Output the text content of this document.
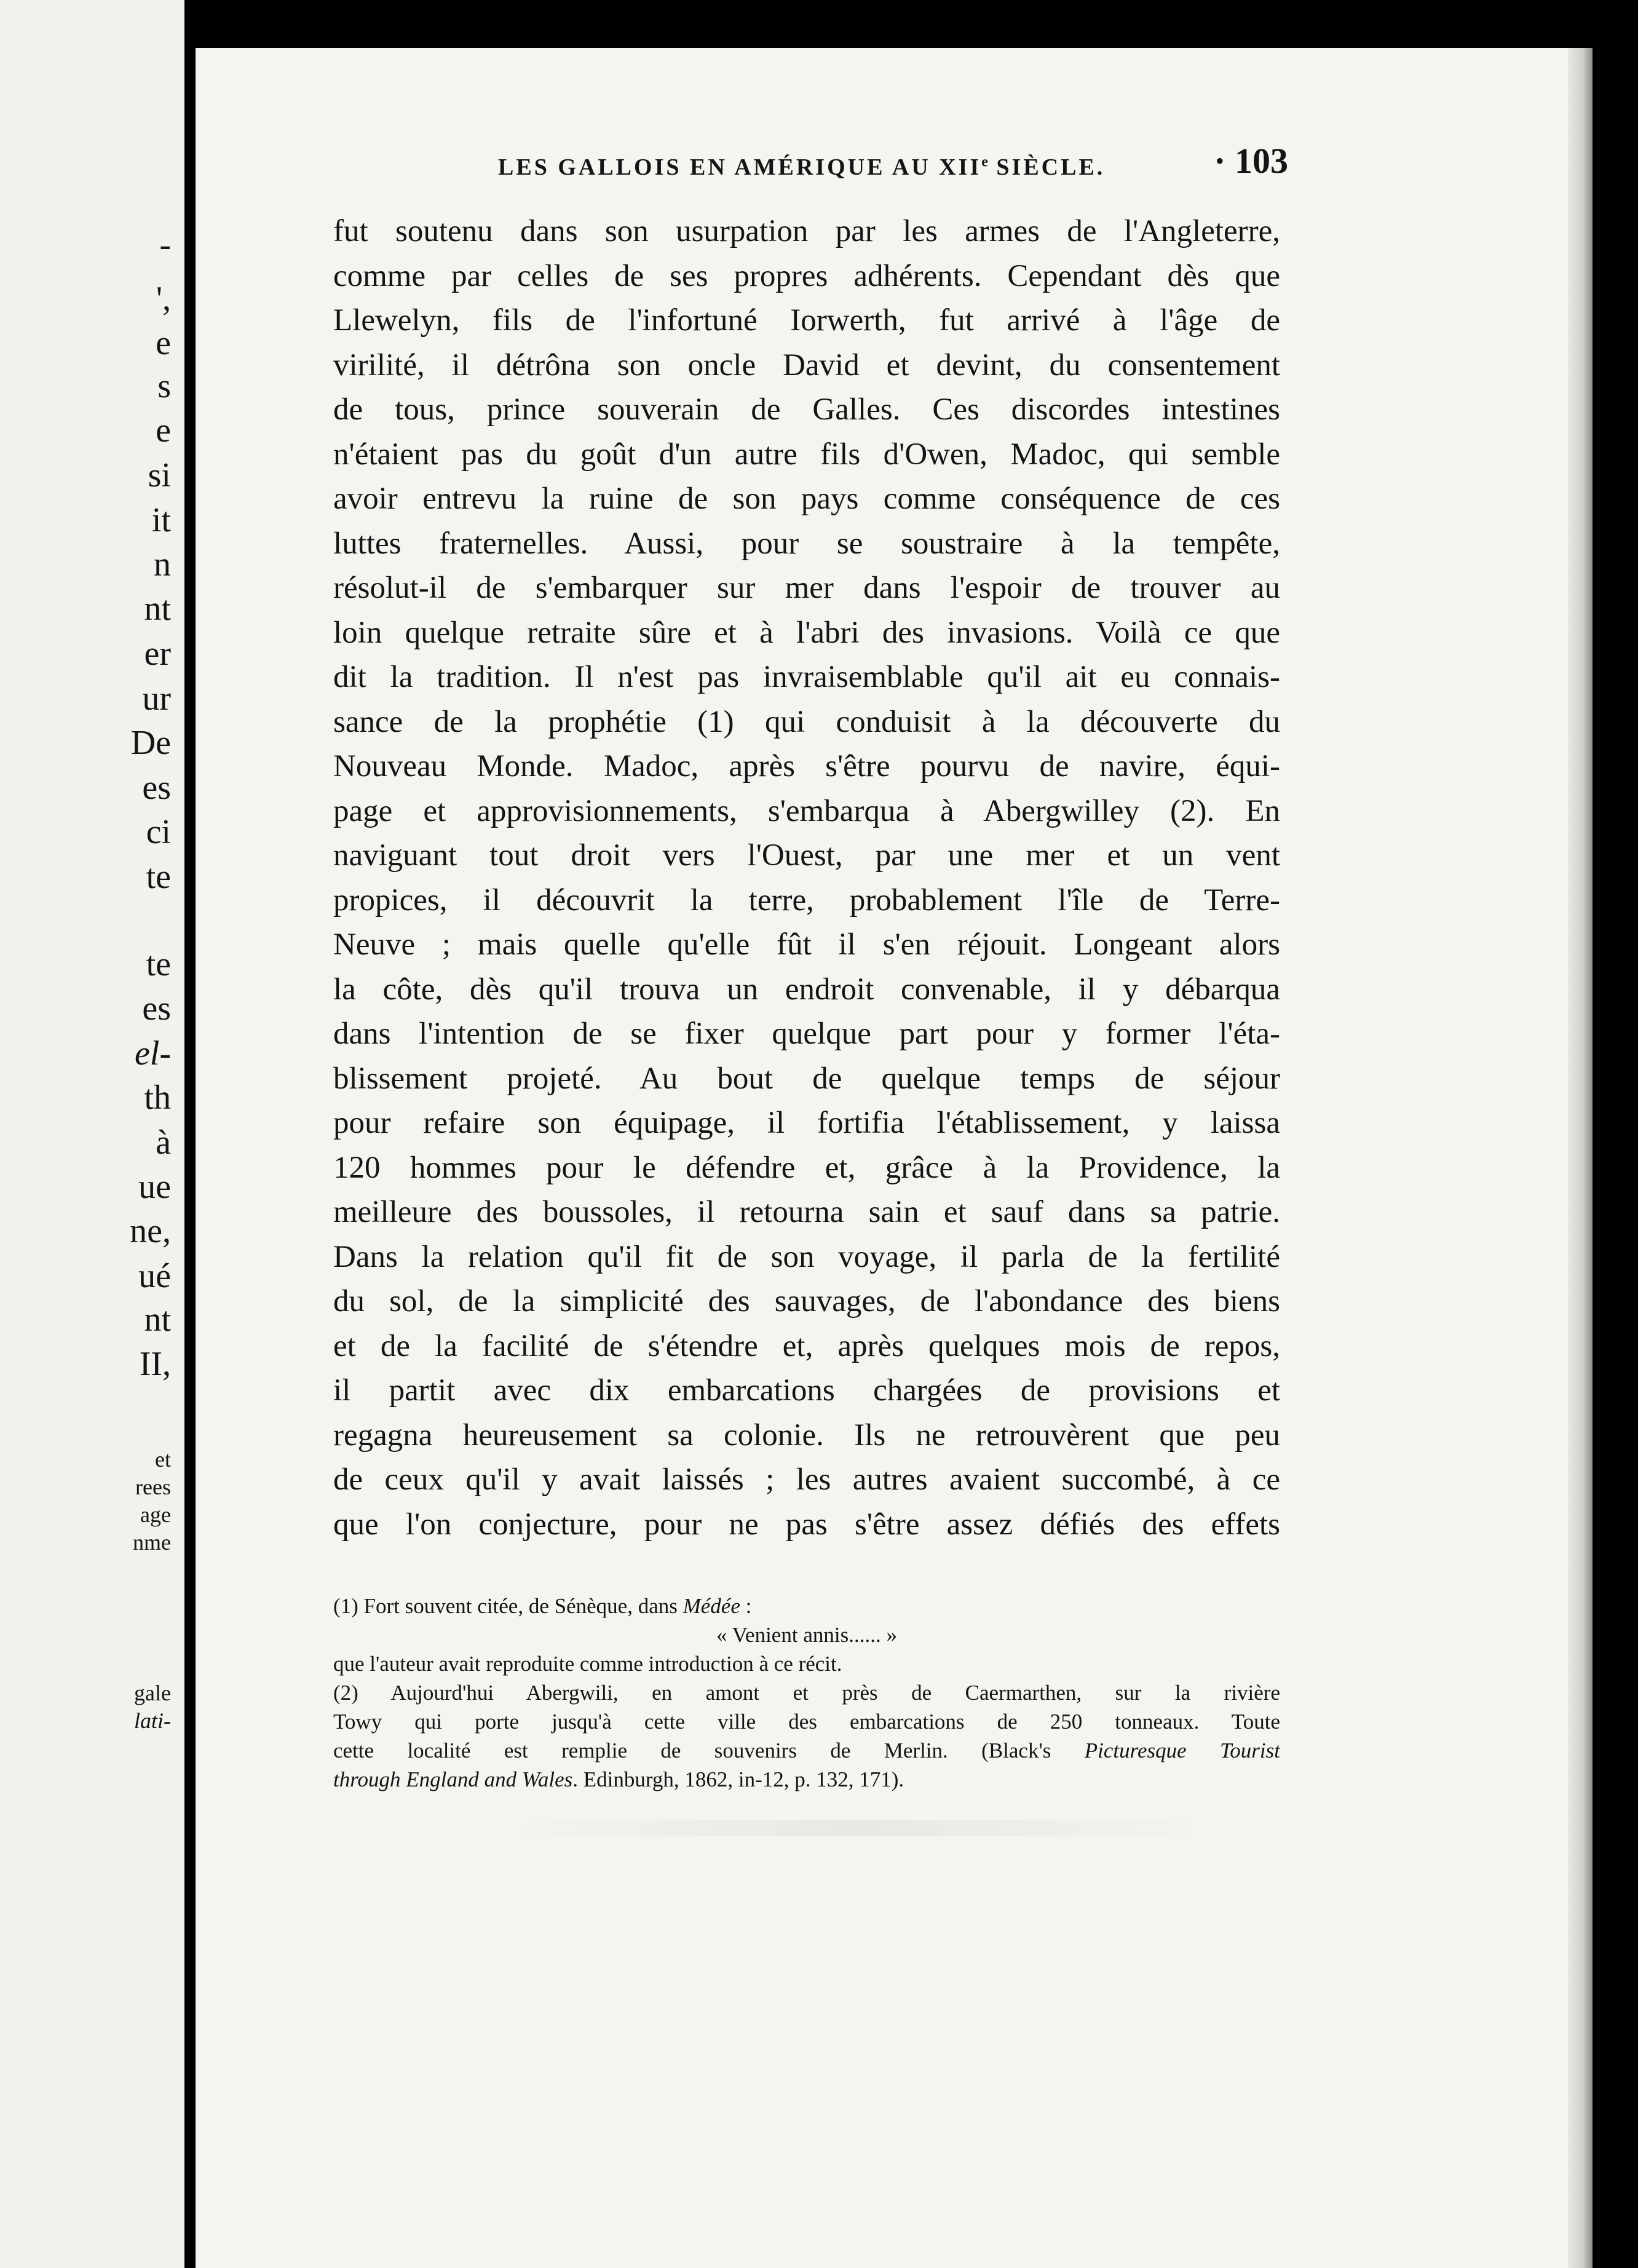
-

',

e

s

e

si

it

n

nt

er

ur

De

es

ci

te

te

es

el-

th

à

ue

ne,

ué

nt

II,

et

rees

age

nme

gale

lati-

LES GALLOIS EN AMÉRIQUE AU XIIe SIÈCLE.	· 103

fut soutenu dans son usurpation par les armes de l'Angleterre,

comme par celles de ses propres adhérents. Cependant dès que

Llewelyn, fils de l'infortuné Iorwerth, fut arrivé à l'âge de

virilité, il détrôna son oncle David et devint, du consentement

de tous, prince souverain de Galles. Ces discordes intestines

n'étaient pas du goût d'un autre fils d'Owen, Madoc, qui semble

avoir entrevu la ruine de son pays comme conséquence de ces

luttes fraternelles. Aussi, pour se soustraire à la tempête,

résolut-il de s'embarquer sur mer dans l'espoir de trouver au

loin quelque retraite sûre et à l'abri des invasions. Voilà ce que

dit la tradition. Il n'est pas invraisemblable qu'il ait eu connais-

sance de la prophétie (1) qui conduisit à la découverte du

Nouveau Monde. Madoc, après s'être pourvu de navire, équi-

page et approvisionnements, s'embarqua à Abergwilley (2). En

naviguant tout droit vers l'Ouest, par une mer et un vent

propices, il découvrit la terre, probablement l'île de Terre-

Neuve ; mais quelle qu'elle fût il s'en réjouit. Longeant alors

la côte, dès qu'il trouva un endroit convenable, il y débarqua

dans l'intention de se fixer quelque part pour y former l'éta-

blissement projeté. Au bout de quelque temps de séjour

pour refaire son équipage, il fortifia l'établissement, y laissa

120 hommes pour le défendre et, grâce à la Providence, la

meilleure des boussoles, il retourna sain et sauf dans sa patrie.

Dans la relation qu'il fit de son voyage, il parla de la fertilité

du sol, de la simplicité des sauvages, de l'abondance des biens

et de la facilité de s'étendre et, après quelques mois de repos,

il partit avec dix embarcations chargées de provisions et

regagna heureusement sa colonie. Ils ne retrouvèrent que peu

de ceux qu'il y avait laissés ; les autres avaient succombé, à ce

que l'on conjecture, pour ne pas s'être assez défiés des effets

(1) Fort souvent citée, de Sénèque, dans Médée :

« Venient annis...... »

que l'auteur avait reproduite comme introduction à ce récit.

(2) Aujourd'hui Abergwili, en amont et près de Caermarthen, sur la rivière

Towy qui porte jusqu'à cette ville des embarcations de 250 tonneaux. Toute

cette localité est remplie de souvenirs de Merlin. (Black's Picturesque Tourist

through England and Wales. Edinburgh, 1862, in-12, p. 132, 171).
